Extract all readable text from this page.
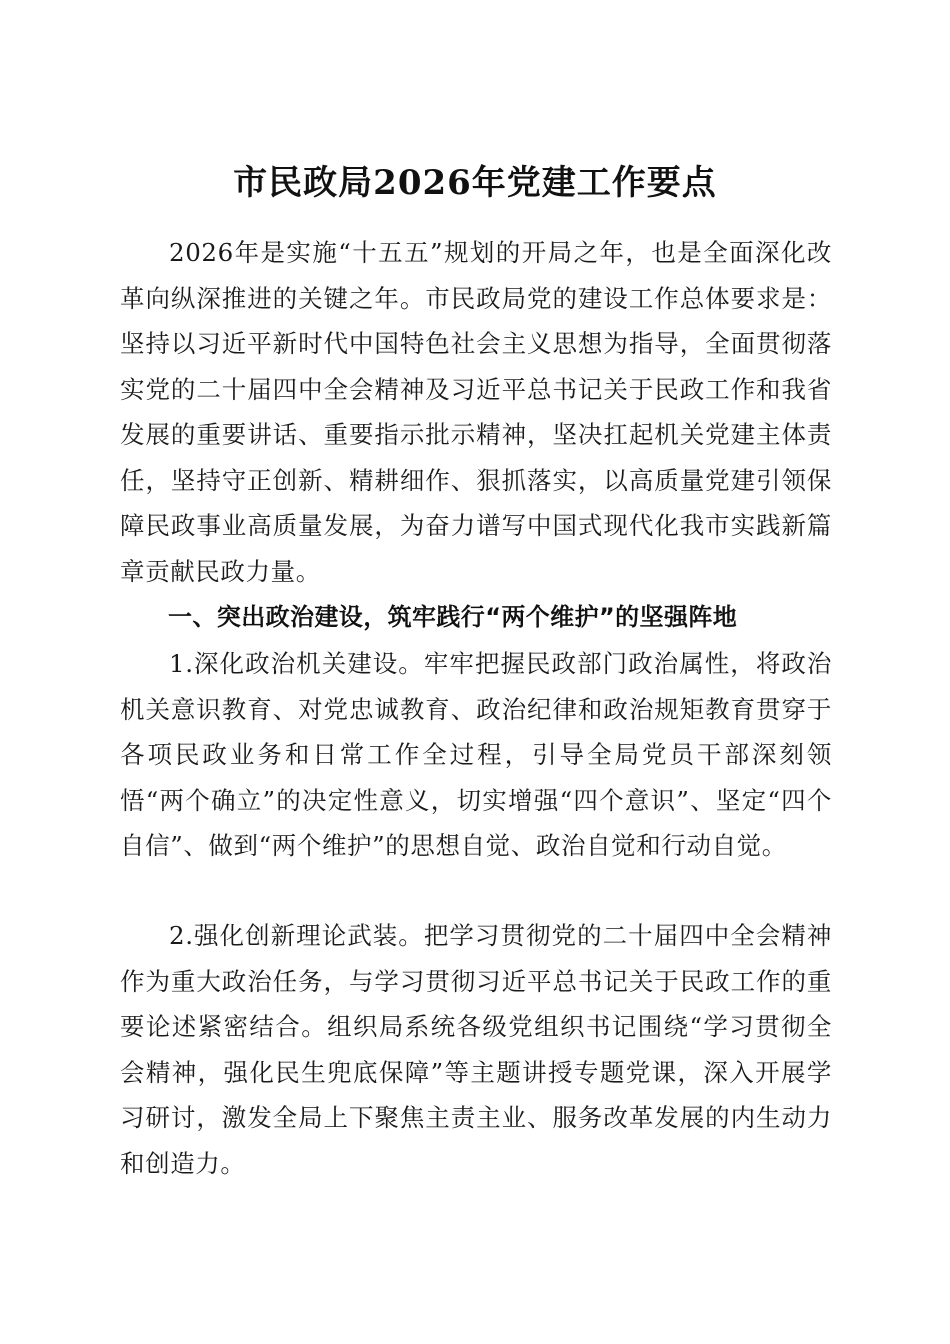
市民政局2026年党建工作要点

2026年是实施“十五五”规划的开局之年，也是全面深化改革向纵深推进的关键之年。市民政局党的建设工作总体要求是：坚持以习近平新时代中国特色社会主义思想为指导，全面贯彻落实党的二十届四中全会精神及习近平总书记关于民政工作和我省发展的重要讲话、重要指示批示精神，坚决扛起机关党建主体责任，坚持守正创新、精耕细作、狠抓落实，以高质量党建引领保障民政事业高质量发展，为奋力谱写中国式现代化我市实践新篇章贡献民政力量。

一、突出政治建设，筑牢践行“两个维护”的坚强阵地

1.深化政治机关建设。牢牢把握民政部门政治属性，将政治机关意识教育、对党忠诚教育、政治纪律和政治规矩教育贯穿于各项民政业务和日常工作全过程，引导全局党员干部深刻领悟“两个确立”的决定性意义，切实增强“四个意识”、坚定“四个自信”、做到“两个维护”的思想自觉、政治自觉和行动自觉。

2.强化创新理论武装。把学习贯彻党的二十届四中全会精神作为重大政治任务，与学习贯彻习近平总书记关于民政工作的重要论述紧密结合。组织局系统各级党组织书记围绕“学习贯彻全会精神，强化民生兜底保障”等主题讲授专题党课，深入开展学习研讨，激发全局上下聚焦主责主业、服务改革发展的内生动力和创造力。
